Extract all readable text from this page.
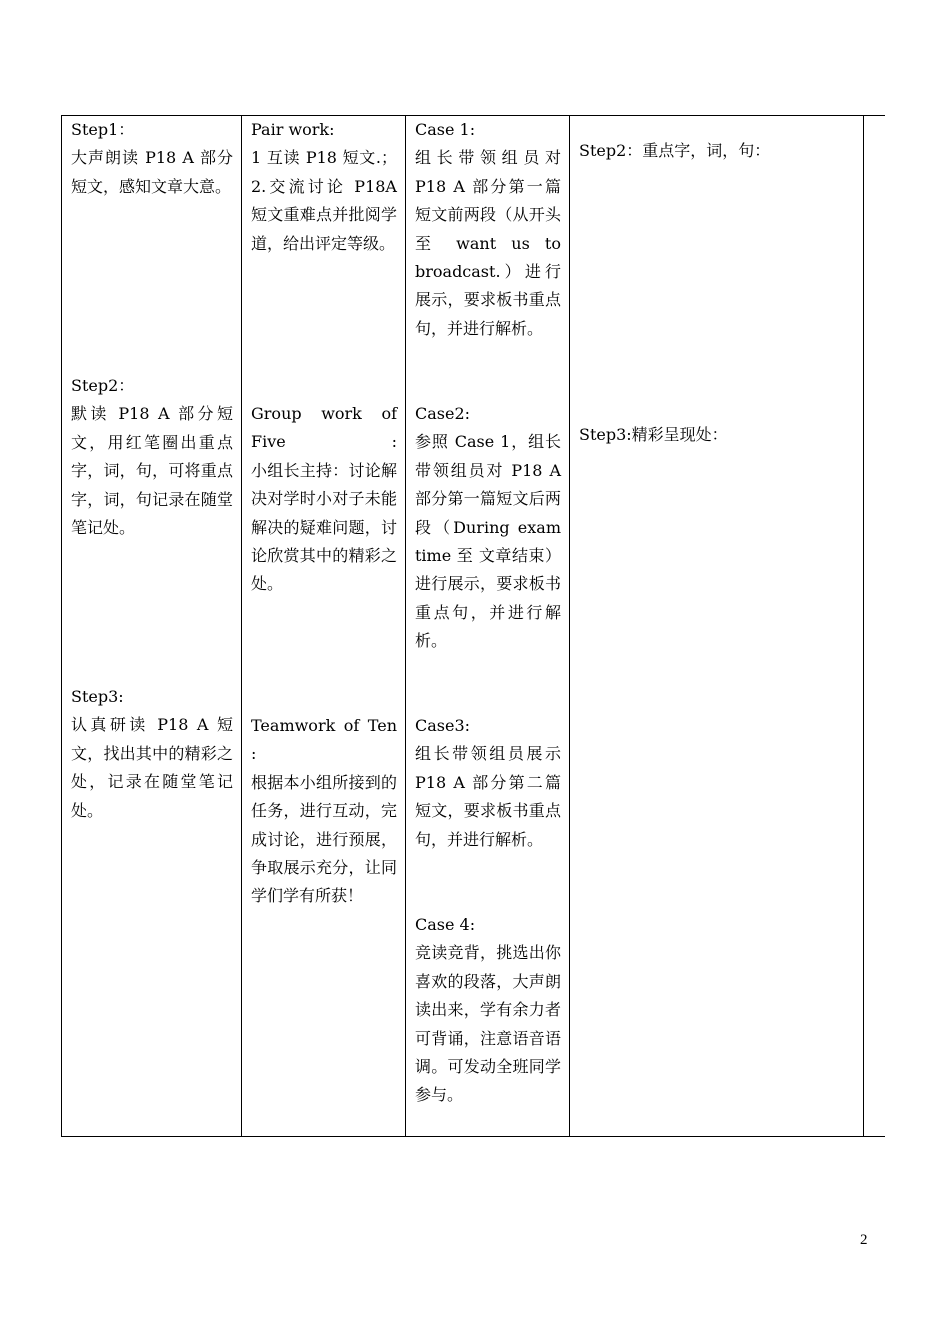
Step1：
大声朗读 P18 A 部分短文，感知文章大意。
Step2：
默读 P18 A 部分短文，用红笔圈出重点字，词，句，可将重点字，词，句记录在随堂笔记处。
Step3:
认真研读 P18 A 短文，找出其中的精彩之处，记录在随堂笔记处。
Pair work:
1 互读 P18 短文.；2.交流讨论 P18A 短文重难点并批阅学道，给出评定等级。
Group work of Five :
小组长主持：讨论解决对学时小对子未能解决的疑难问题，讨论欣赏其中的精彩之处。
Teamwork of Ten :
根据本小组所接到的任务，进行互动，完成讨论，进行预展，争取展示充分，让同学们学有所获！
Case 1:
组长带领组员对 P18 A 部分第一篇短文前两段（从开头至 want us to broadcast.）进行展示，要求板书重点句，并进行解析。
Case2:
参照 Case 1，组长带领组员对 P18 A 部分第一篇短文后两段（During exam time 至 文章结束）进行展示，要求板书重点句，并进行解析。
Case3:
组长带领组员展示 P18 A 部分第二篇短文，要求板书重点句，并进行解析。
Case 4:
竞读竞背，挑选出你喜欢的段落，大声朗读出来，学有余力者可背诵，注意语音语调。可发动全班同学参与。
Step2：重点字，词，句：
Step3:精彩呈现处：
2
